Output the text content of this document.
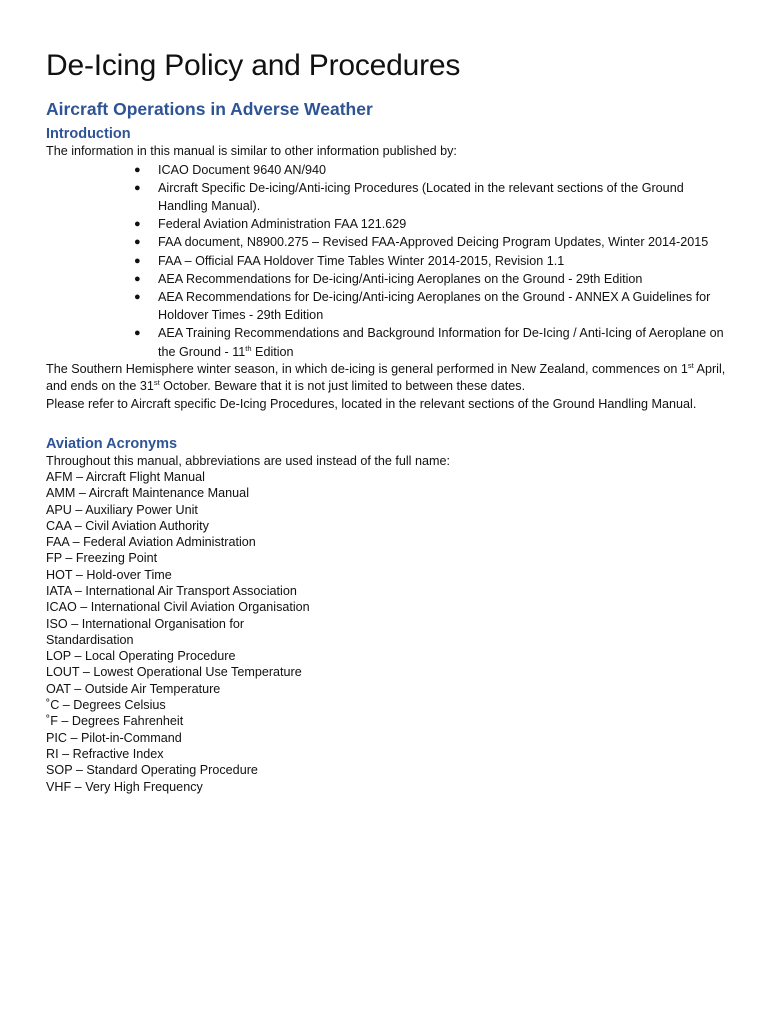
De-Icing Policy and Procedures
Aircraft Operations in Adverse Weather
Introduction

The information in this manual is similar to other information published by:

● ICAO Document 9640 AN/940
● Aircraft Specific De-icing/Anti-icing Procedures (Located in the relevant sections of the Ground Handling Manual).
● Federal Aviation Administration FAA 121.629
● FAA document, N8900.275 – Revised FAA-Approved Deicing Program Updates, Winter 2014-2015
● FAA – Official FAA Holdover Time Tables Winter 2014-2015, Revision 1.1
● AEA Recommendations for De-icing/Anti-icing Aeroplanes on the Ground - 29th Edition
● AEA Recommendations for De-icing/Anti-icing Aeroplanes on the Ground - ANNEX A Guidelines for Holdover Times - 29th Edition
● AEA Training Recommendations and Background Information for De-Icing / Anti-Icing of Aeroplane on the Ground - 11th Edition

The Southern Hemisphere winter season, in which de-icing is general performed in New Zealand, commences on 1st April, and ends on the 31st October. Beware that it is not just limited to between these dates.

Please refer to Aircraft specific De-Icing Procedures, located in the relevant sections of the Ground Handling Manual.

Aviation Acronyms

Throughout this manual, abbreviations are used instead of the full name:

AFM – Aircraft Flight Manual

AMM – Aircraft Maintenance Manual

APU – Auxiliary Power Unit

CAA – Civil Aviation Authority

FAA – Federal Aviation Administration

FP – Freezing Point

HOT – Hold-over Time

IATA – International Air Transport Association

ICAO – International Civil Aviation Organisation

ISO – International Organisation for Standardisation

LOP – Local Operating Procedure

LOUT – Lowest Operational Use Temperature

OAT – Outside Air Temperature

˚C – Degrees Celsius

˚F – Degrees Fahrenheit

PIC – Pilot-in-Command

RI – Refractive Index

SOP – Standard Operating Procedure

VHF – Very High Frequency
